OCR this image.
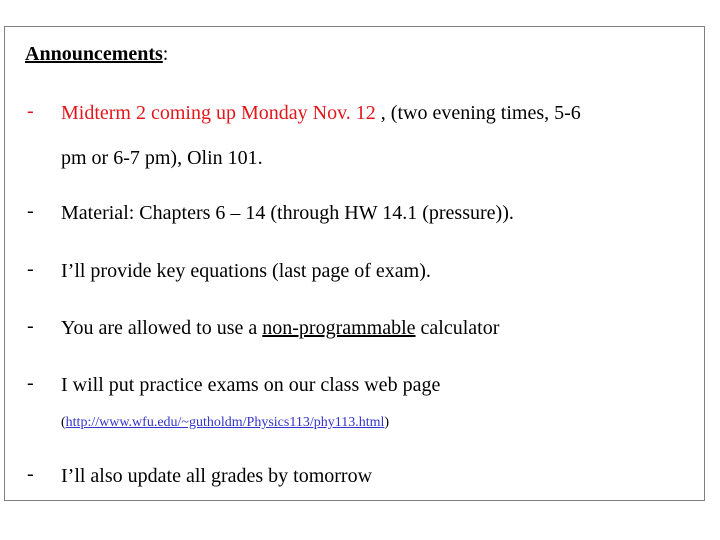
Announcements:
- Midterm 2 coming up Monday Nov. 12 , (two evening times, 5-6
pm or 6-7 pm), Olin 101.
- Material: Chapters 6 – 14 (through HW 14.1 (pressure)).
- I’ll provide key equations (last page of exam).
- You are allowed to use a non-programmable calculator
- I will put practice exams on our class web page
(http://www.wfu.edu/~gutholdm/Physics113/phy113.html)
- I’ll also update all grades by tomorrow
